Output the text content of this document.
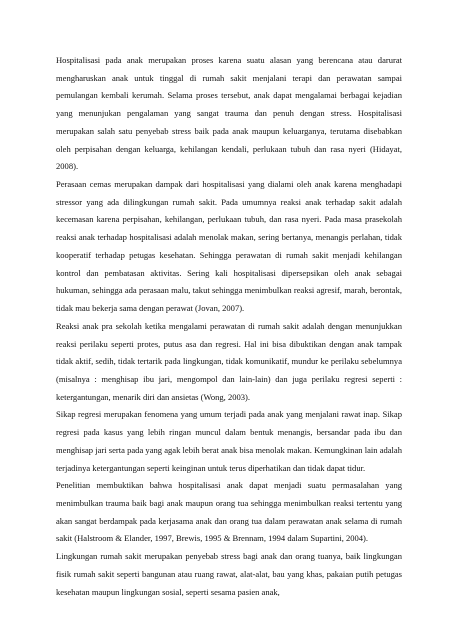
Hospitalisasi pada anak merupakan proses karena suatu alasan yang berencana atau darurat mengharuskan anak untuk tinggal di rumah sakit menjalani terapi dan perawatan sampai pemulangan kembali kerumah. Selama proses tersebut, anak dapat mengalamai berbagai kejadian yang menunjukan pengalaman yang sangat trauma dan penuh dengan stress. Hospitalisasi merupakan salah satu penyebab stress baik pada anak maupun keluarganya, terutama disebabkan oleh perpisahan dengan keluarga, kehilangan kendali, perlukaan tubuh dan rasa nyeri (Hidayat, 2008).

Perasaan cemas merupakan dampak dari hospitalisasi yang dialami oleh anak karena menghadapi stressor yang ada dilingkungan rumah sakit. Pada umumnya reaksi anak terhadap sakit adalah kecemasan karena perpisahan, kehilangan, perlukaan tubuh, dan rasa nyeri. Pada masa prasekolah reaksi anak terhadap hospitalisasi adalah menolak makan, sering bertanya, menangis perlahan, tidak kooperatif terhadap petugas kesehatan. Sehingga perawatan di rumah sakit menjadi kehilangan kontrol dan pembatasan aktivitas. Sering kali hospitalisasi dipersepsikan oleh anak sebagai hukuman, sehingga ada perasaan malu, takut sehingga menimbulkan reaksi agresif, marah, berontak, tidak mau bekerja sama dengan perawat (Jovan, 2007).

Reaksi anak pra sekolah ketika mengalami perawatan di rumah sakit adalah dengan menunjukkan reaksi perilaku seperti protes, putus asa dan regresi. Hal ini bisa dibuktikan dengan anak tampak tidak aktif, sedih, tidak tertarik pada lingkungan, tidak komunikatif, mundur ke perilaku sebelumnya (misalnya : menghisap ibu jari, mengompol dan lain-lain) dan juga perilaku regresi seperti : ketergantungan, menarik diri dan ansietas (Wong, 2003).

Sikap regresi merupakan fenomena yang umum terjadi pada anak yang menjalani rawat inap. Sikap regresi pada kasus yang lebih ringan muncul dalam bentuk menangis, bersandar pada ibu dan menghisap jari serta pada yang agak lebih berat anak bisa menolak makan. Kemungkinan lain adalah terjadinya ketergantungan seperti keinginan untuk terus diperhatikan dan tidak dapat tidur.

Penelitian membuktikan bahwa hospitalisasi anak dapat menjadi suatu permasalahan yang menimbulkan trauma baik bagi anak maupun orang tua sehingga menimbulkan reaksi tertentu yang akan sangat berdampak pada kerjasama anak dan orang tua dalam perawatan anak selama di rumah sakit (Halstroom & Elander, 1997, Brewis, 1995 & Brennam, 1994 dalam Supartini, 2004).

Lingkungan rumah sakit merupakan penyebab stress bagi anak dan orang tuanya, baik lingkungan fisik rumah sakit seperti bangunan atau ruang rawat, alat-alat, bau yang khas, pakaian putih petugas kesehatan maupun lingkungan sosial, seperti sesama pasien anak,
